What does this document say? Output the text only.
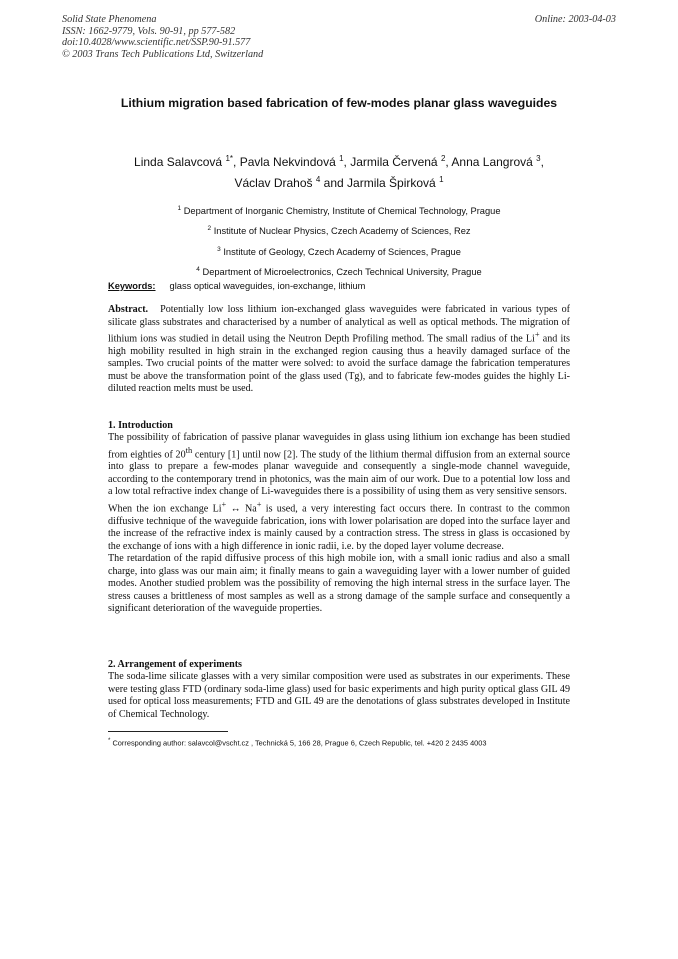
Solid State Phenomena
ISSN: 1662-9779, Vols. 90-91, pp 577-582
doi:10.4028/www.scientific.net/SSP.90-91.577
© 2003 Trans Tech Publications Ltd, Switzerland
Online: 2003-04-03
Lithium migration based fabrication of few-modes planar glass waveguides
Linda Salavcová $^{1*}$, Pavla Nekvindová $^1$, Jarmila Červená $^2$, Anna Langrová $^3$,
Václav Drahoš $^4$ and Jarmila Špirková $^1$
$^1$ Department of Inorganic Chemistry, Institute of Chemical Technology, Prague
$^2$ Institute of Nuclear Physics, Czech Academy of Sciences, Rez
$^3$ Institute of Geology, Czech Academy of Sciences, Prague
$^4$ Department of Microelectronics, Czech Technical University, Prague
Keywords: glass optical waveguides, ion-exchange, lithium
Abstract. Potentially low loss lithium ion-exchanged glass waveguides were fabricated in various types of silicate glass substrates and characterised by a number of analytical as well as optical methods. The migration of lithium ions was studied in detail using the Neutron Depth Profiling method. The small radius of the Li+ and its high mobility resulted in high strain in the exchanged region causing thus a heavily damaged surface of the samples. Two crucial points of the matter were solved: to avoid the surface damage the fabrication temperatures must be above the transformation point of the glass used (Tg), and to fabricate few-modes guides the highly Li-diluted reaction melts must be used.
1. Introduction

The possibility of fabrication of passive planar waveguides in glass using lithium ion exchange has been studied from eighties of 20th century [1] until now [2]. The study of the lithium thermal diffusion from an external source into glass to prepare a few-modes planar waveguide and consequently a single-mode channel waveguide, according to the contemporary trend in photonics, was the main aim of our work. Due to a potential low loss and a low total refractive index change of Li-waveguides there is a possibility of using them as very sensitive sensors.

When the ion exchange Li+ ↔ Na+ is used, a very interesting fact occurs there. In contrast to the common diffusive technique of the waveguide fabrication, ions with lower polarisation are doped into the surface layer and the increase of the refractive index is mainly caused by a contraction stress. The stress in glass is occasioned by the exchange of ions with a high difference in ionic radii, i.e. by the doped layer volume decrease.

The retardation of the rapid diffusive process of this high mobile ion, with a small ionic radius and also a small charge, into glass was our main aim; it finally means to gain a waveguiding layer with a lower number of guided modes. Another studied problem was the possibility of removing the high internal stress in the surface layer. The stress causes a brittleness of most samples as well as a strong damage of the sample surface and consequently a significant deterioration of the waveguide properties.

2. Arrangement of experiments

The soda-lime silicate glasses with a very similar composition were used as substrates in our experiments. These were testing glass FTD (ordinary soda-lime glass) used for basic experiments and high purity optical glass GIL 49 used for optical loss measurements; FTD and GIL 49 are the denotations of glass substrates developed in Institute of Chemical Technology.

* Corresponding author: salavcol@vscht.cz , Technická 5, 166 28, Prague 6, Czech Republic, tel. +420 2 2435 4003
